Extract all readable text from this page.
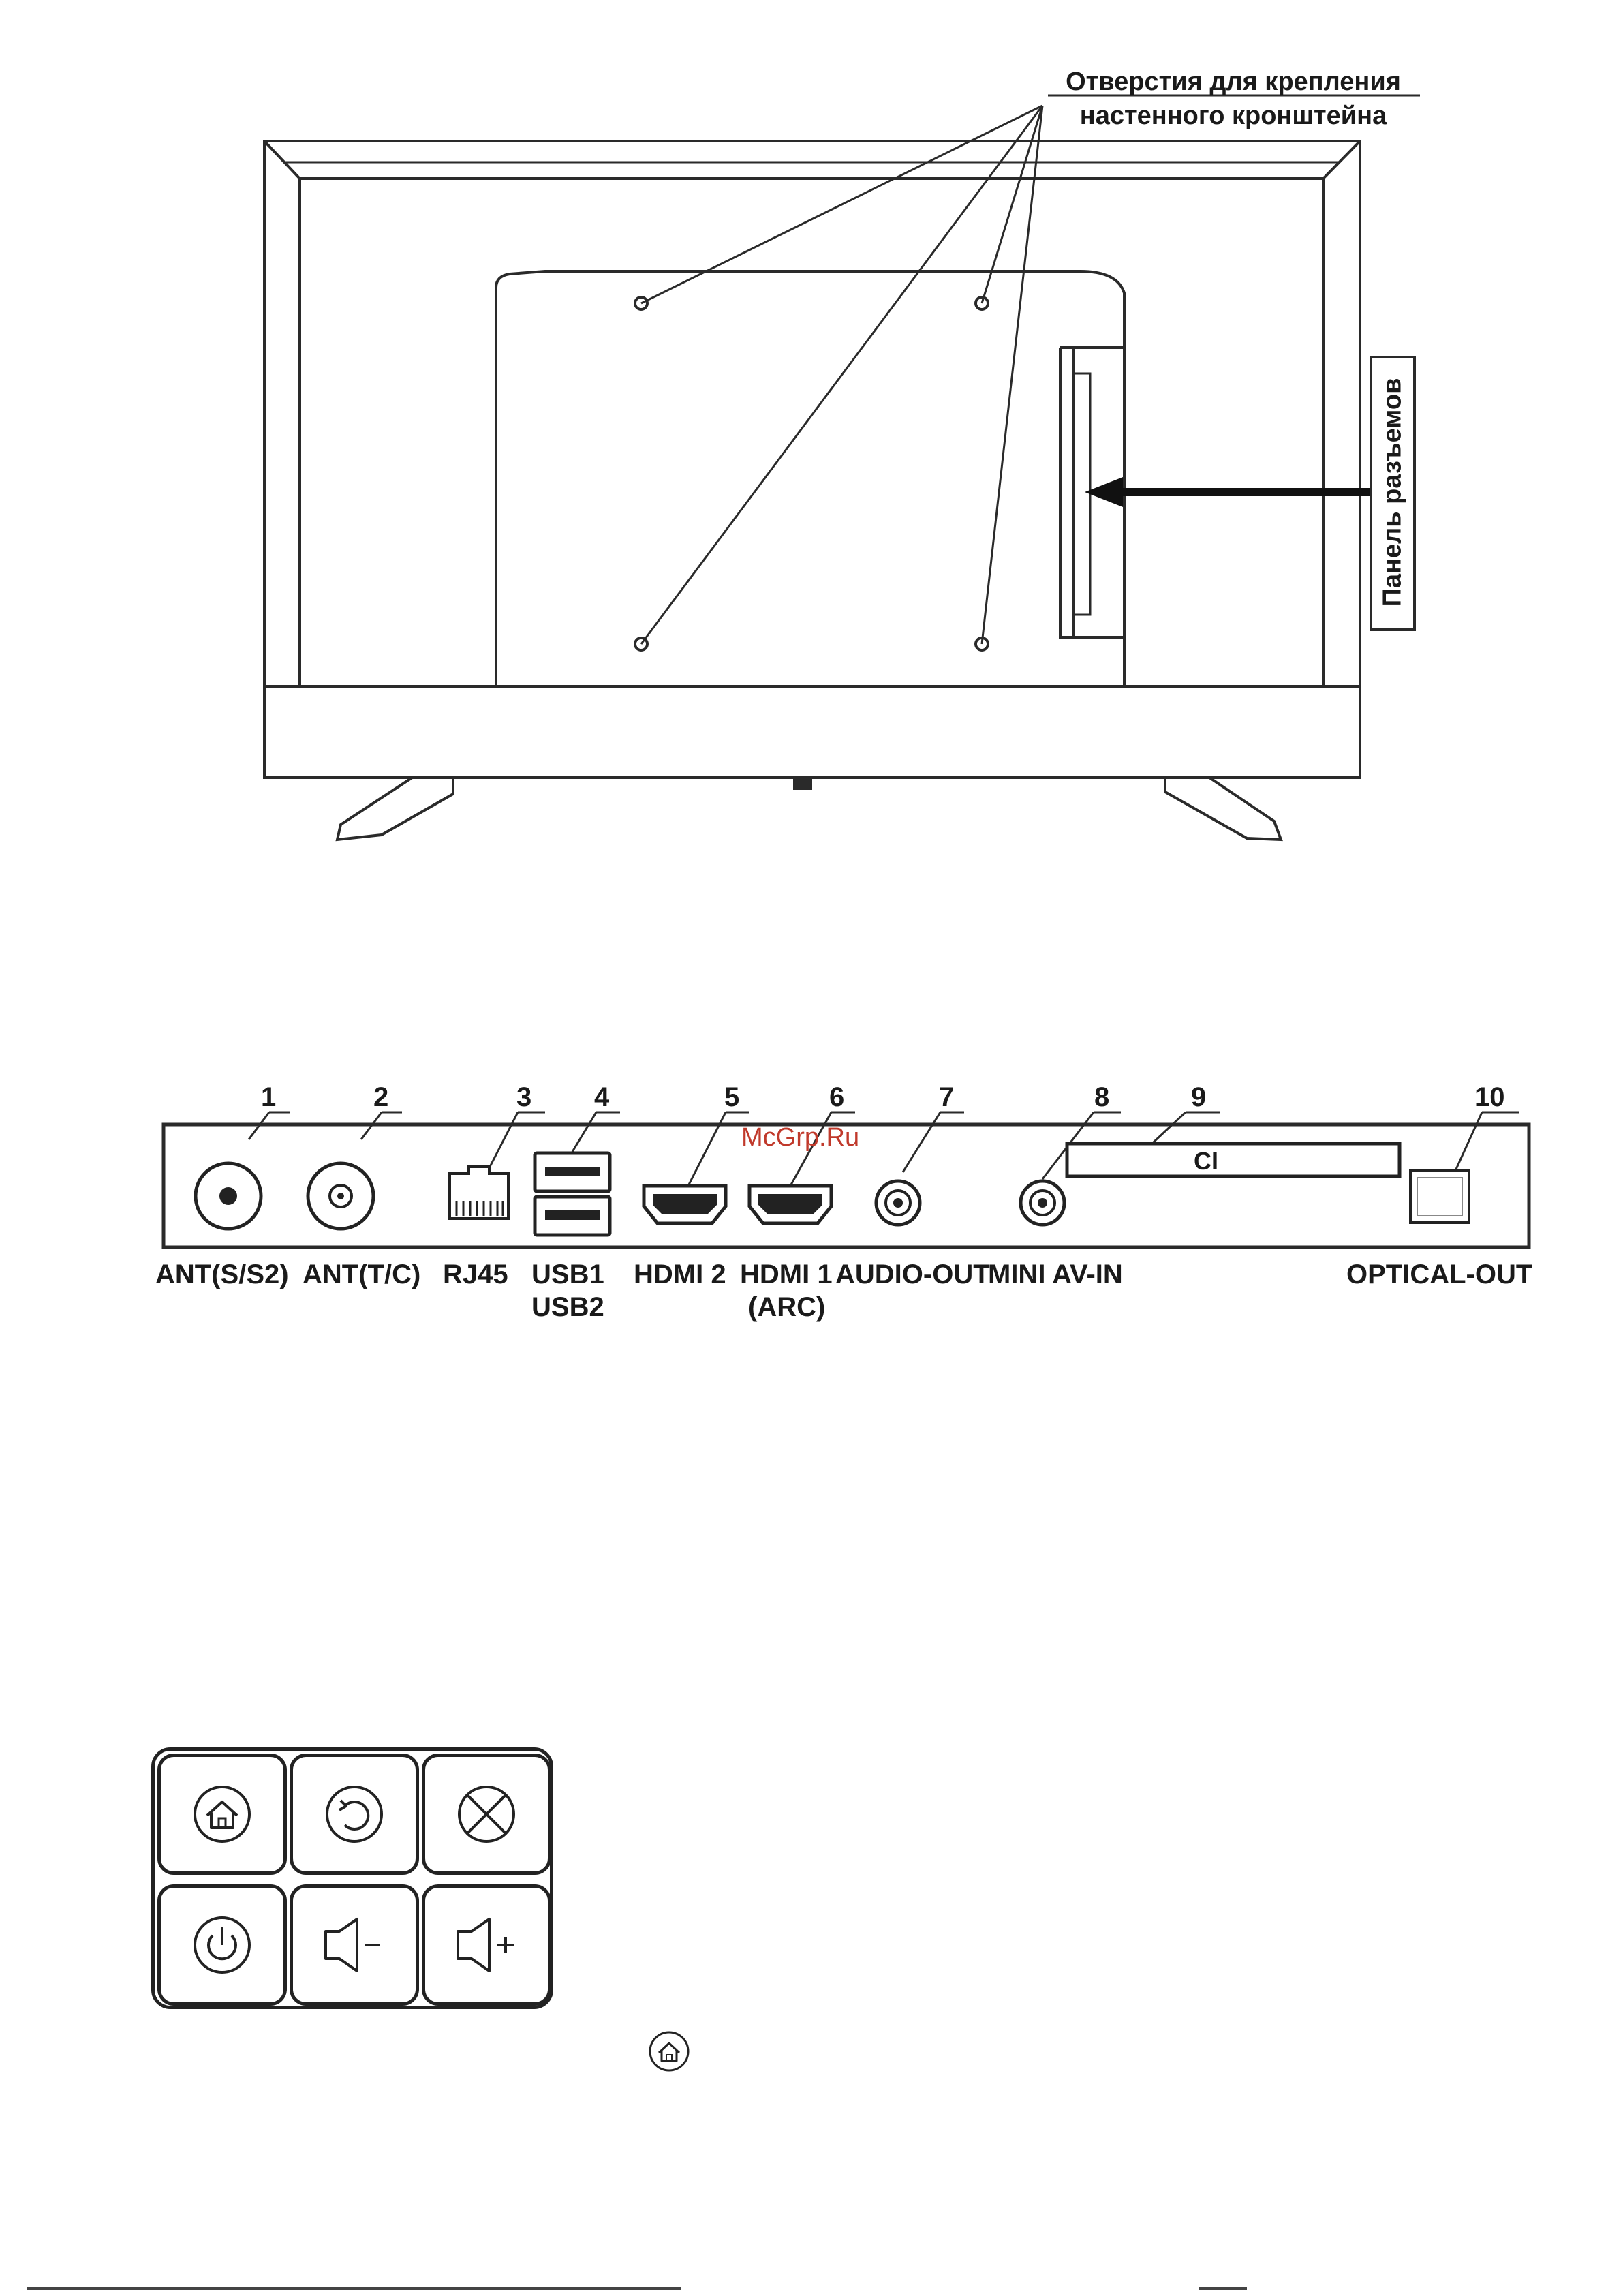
Отверстия для крепления
настенного кронштейна
Панель разъемов
1	2	3 4	5	6	7	8	9	10
McGrp.Ru
CI
ANT(S/S2) ANT(T/C) RJ45 USB1
USB2
HDMI 2 HDMI 1
(ARC)
AUDIO-OUT
MINI AV-IN	OPTICAL-OUT
